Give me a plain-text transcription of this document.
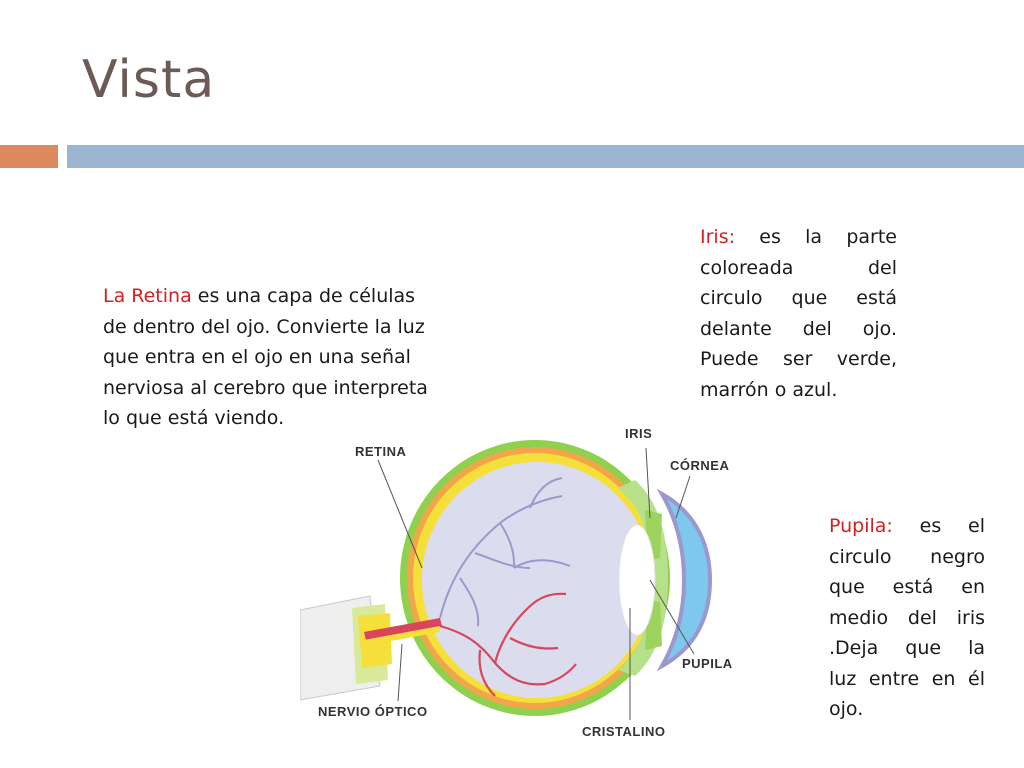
Vista
La Retina es una capa de células
de dentro del ojo. Convierte la luz
que entra en el ojo en una señal
nerviosa al cerebro que interpreta
lo que está viendo.
Iris: es la parte
coloreada del
circulo que está
delante del ojo.
Puede ser verde,
marrón o azul.
Pupila: es el
circulo negro
que está en
medio del iris
.Deja que la
luz entre en él
ojo.
RETINA
IRIS
CÓRNEA
PUPILA
NERVIO ÓPTICO
CRISTALINO
